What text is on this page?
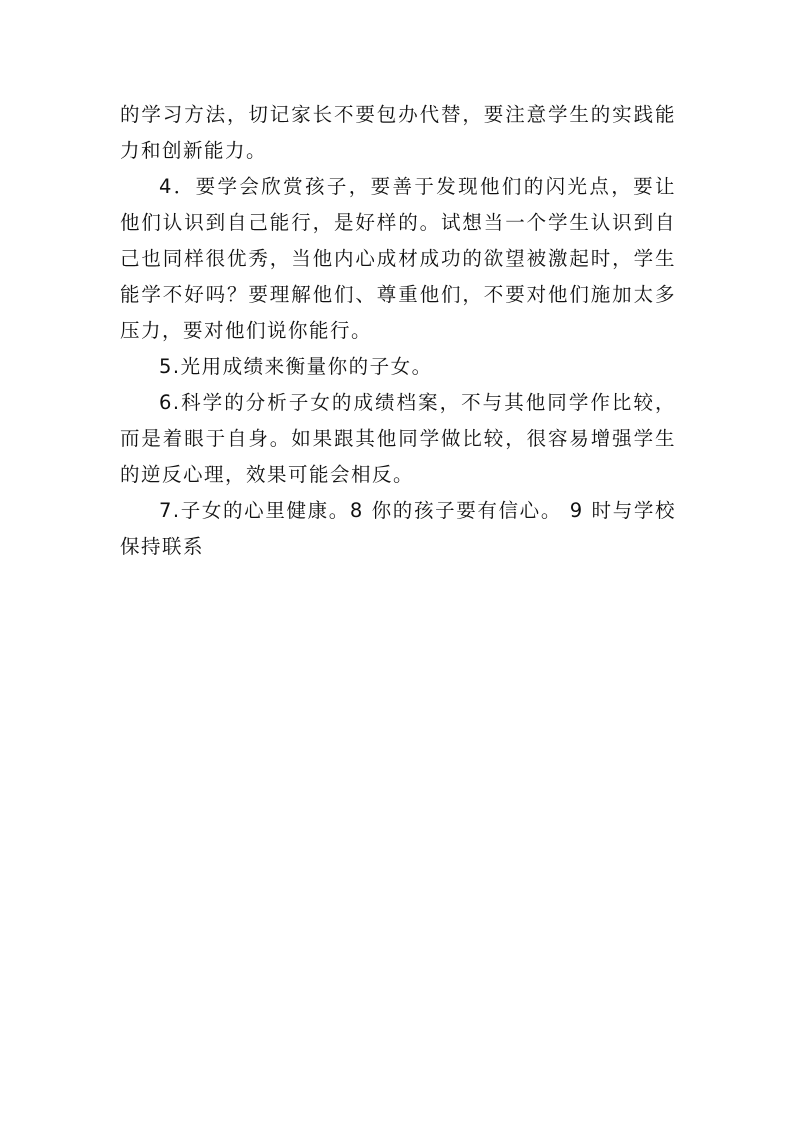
的学习方法，切记家长不要包办代替，要注意学生的实践能力和创新能力。

4．要学会欣赏孩子，要善于发现他们的闪光点，要让他们认识到自己能行，是好样的。试想当一个学生认识到自己也同样很优秀，当他内心成材成功的欲望被激起时，学生能学不好吗？要理解他们、尊重他们，不要对他们施加太多压力，要对他们说你能行。

5.光用成绩来衡量你的子女。

6.科学的分析子女的成绩档案，不与其他同学作比较，而是着眼于自身。如果跟其他同学做比较，很容易增强学生的逆反心理，效果可能会相反。

7.子女的心里健康。8 你的孩子要有信心。 9 时与学校保持联系
